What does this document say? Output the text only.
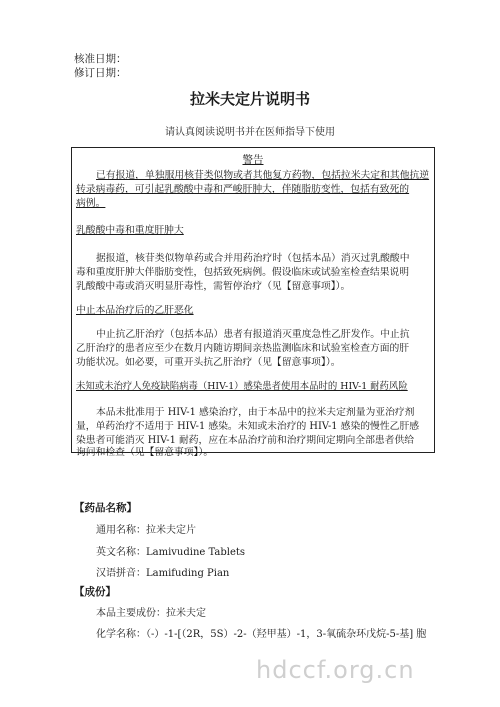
核准日期：
修订日期：
拉米夫定片说明书
请认真阅读说明书并在医师指导下使用
警告
已有报道，单独服用核苷类似物或者其他复方药物，包括拉米夫定和其他抗逆
转录病毒药，可引起乳酸酸中毒和严峻肝肿大，伴随脂肪变性，包括有致死的
病例。
乳酸酸中毒和重度肝肿大
据报道，核苷类似物单药或合并用药治疗时（包括本品）消灭过乳酸酸中
毒和重度肝肿大伴脂肪变性，包括致死病例。假设临床或试验室检查结果说明
乳酸酸中毒或消灭明显肝毒性，需暂停治疗（见【留意事项】）。
中止本品治疗后的乙肝恶化
中止抗乙肝治疗（包括本品）患者有报道消灭重度急性乙肝发作。中止抗
乙肝治疗的患者应至少在数月内随访期间亲热监测临床和试验室检查方面的肝
功能状况。如必要，可重开头抗乙肝治疗（见【留意事项】）。
未知或未治疗人免疫缺陷病毒（HIV-1）感染患者使用本品时的 HIV-1 耐药风险
本品未批准用于 HIV-1 感染治疗，由于本品中的拉米夫定剂量为亚治疗剂
量，单药治疗不适用于 HIV-1 感染。未知或未治疗的 HIV-1 感染的慢性乙肝感
染患者可能消灭 HIV-1 耐药，应在本品治疗前和治疗期间定期向全部患者供给
询问和检查（见【留意事项】）。
【药品名称】
通用名称：拉米夫定片
英文名称：Lamivudine Tablets
汉语拼音：Lamifuding Pian
【成份】
本品主要成份：拉米夫定
化学名称：（-）-1-[（2R，5S）-2-（羟甲基）-1，3-氧硫杂环戊烷-5-基] 胞
hdccf.org.cn
